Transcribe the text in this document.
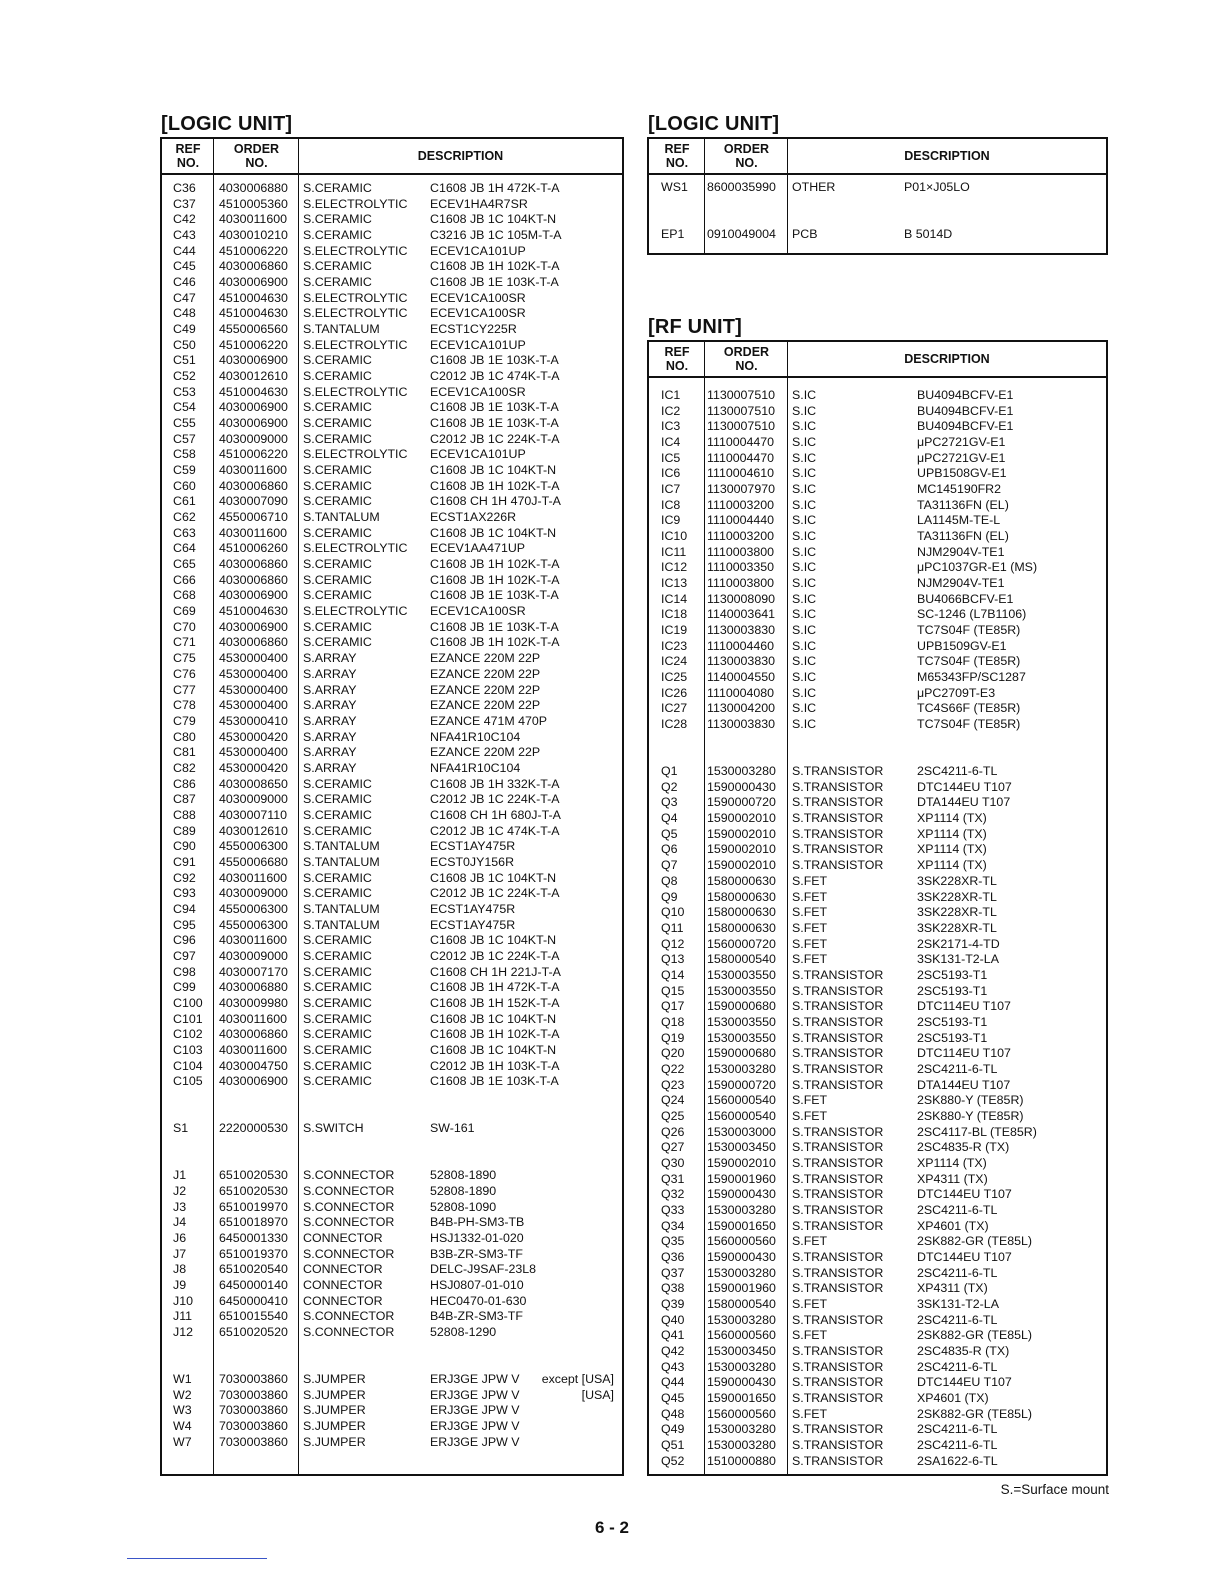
[LOGIC UNIT]
REF
NO.
ORDER
NO.	DESCRIPTION
C36 4030006880 S.CERAMIC	C1608 JB 1H 472K-T-A
C37 4510005360 S.ELECTROLYTIC ECEV1HA4R7SR
C42 4030011600 S.CERAMIC	C1608 JB 1C 104KT-N
C43 4030010210 S.CERAMIC	C3216 JB 1C 105M-T-A
C44 4510006220 S.ELECTROLYTIC ECEV1CA101UP
C45 4030006860 S.CERAMIC	C1608 JB 1H 102K-T-A
C46 4030006900 S.CERAMIC	C1608 JB 1E 103K-T-A
C47 4510004630 S.ELECTROLYTIC ECEV1CA100SR
C48 4510004630 S.ELECTROLYTIC ECEV1CA100SR
C49 4550006560 S.TANTALUM	ECST1CY225R
C50 4510006220 S.ELECTROLYTIC ECEV1CA101UP
C51 4030006900 S.CERAMIC	C1608 JB 1E 103K-T-A
C52 4030012610 S.CERAMIC	C2012 JB 1C 474K-T-A
C53 4510004630 S.ELECTROLYTIC ECEV1CA100SR
C54 4030006900 S.CERAMIC	C1608 JB 1E 103K-T-A
C55 4030006900 S.CERAMIC	C1608 JB 1E 103K-T-A
C57 4030009000 S.CERAMIC	C2012 JB 1C 224K-T-A
C58 4510006220 S.ELECTROLYTIC ECEV1CA101UP
C59 4030011600 S.CERAMIC	C1608 JB 1C 104KT-N
C60 4030006860 S.CERAMIC	C1608 JB 1H 102K-T-A
C61 4030007090 S.CERAMIC	C1608 CH 1H 470J-T-A
C62 4550006710 S.TANTALUM	ECST1AX226R
C63 4030011600 S.CERAMIC	C1608 JB 1C 104KT-N
C64 4510006260 S.ELECTROLYTIC ECEV1AA471UP
C65 4030006860 S.CERAMIC	C1608 JB 1H 102K-T-A
C66 4030006860 S.CERAMIC	C1608 JB 1H 102K-T-A
C68 4030006900 S.CERAMIC	C1608 JB 1E 103K-T-A
C69 4510004630 S.ELECTROLYTIC ECEV1CA100SR
C70 4030006900 S.CERAMIC	C1608 JB 1E 103K-T-A
C71 4030006860 S.CERAMIC	C1608 JB 1H 102K-T-A
C75 4530000400 S.ARRAY	EZANCE 220M 22P
C76 4530000400 S.ARRAY	EZANCE 220M 22P
C77 4530000400 S.ARRAY	EZANCE 220M 22P
C78 4530000400 S.ARRAY	EZANCE 220M 22P
C79 4530000410 S.ARRAY	EZANCE 471M 470P
C80 4530000420 S.ARRAY	NFA41R10C104
C81 4530000400 S.ARRAY	EZANCE 220M 22P
C82 4530000420 S.ARRAY	NFA41R10C104
C86 4030008650 S.CERAMIC	C1608 JB 1H 332K-T-A
C87 4030009000 S.CERAMIC	C2012 JB 1C 224K-T-A
C88 4030007110 S.CERAMIC	C1608 CH 1H 680J-T-A
C89 4030012610 S.CERAMIC	C2012 JB 1C 474K-T-A
C90 4550006300 S.TANTALUM	ECST1AY475R
C91 4550006680 S.TANTALUM	ECST0JY156R
C92 4030011600 S.CERAMIC	C1608 JB 1C 104KT-N
C93 4030009000 S.CERAMIC	C2012 JB 1C 224K-T-A
C94 4550006300 S.TANTALUM	ECST1AY475R
C95 4550006300 S.TANTALUM	ECST1AY475R
C96 4030011600 S.CERAMIC	C1608 JB 1C 104KT-N
C97 4030009000 S.CERAMIC	C2012 JB 1C 224K-T-A
C98 4030007170 S.CERAMIC	C1608 CH 1H 221J-T-A
C99 4030006880 S.CERAMIC	C1608 JB 1H 472K-T-A
C100 4030009980 S.CERAMIC	C1608 JB 1H 152K-T-A
C101 4030011600 S.CERAMIC	C1608 JB 1C 104KT-N
C102 4030006860 S.CERAMIC	C1608 JB 1H 102K-T-A
C103 4030011600 S.CERAMIC	C1608 JB 1C 104KT-N
C104 4030004750 S.CERAMIC	C2012 JB 1H 103K-T-A
C105 4030006900 S.CERAMIC	C1608 JB 1E 103K-T-A
S1 2220000530 S.SWITCH	SW-161
J1	6510020530 S.CONNECTOR	52808-1890
J2	6510020530 S.CONNECTOR	52808-1890
J3	6510019970 S.CONNECTOR	52808-1090
J4	6510018970 S.CONNECTOR	B4B-PH-SM3-TB
J6	6450001330 CONNECTOR	HSJ1332-01-020
J7	6510019370 S.CONNECTOR	B3B-ZR-SM3-TF
J8	6510020540 CONNECTOR	DELC-J9SAF-23L8
J9	6450000140 CONNECTOR	HSJ0807-01-010
J10 6450000410 CONNECTOR	HEC0470-01-630
J11 6510015540 S.CONNECTOR	B4B-ZR-SM3-TF
J12 6510020520 S.CONNECTOR	52808-1290
W1 7030003860 S.JUMPER	ERJ3GE JPW V except [USA]
W2 7030003860 S.JUMPER	ERJ3GE JPW V	[USA]
W3 7030003860 S.JUMPER	ERJ3GE JPW V
W4 7030003860 S.JUMPER	ERJ3GE JPW V
W7 7030003860 S.JUMPER	ERJ3GE JPW V
[LOGIC UNIT]
REF
NO.
ORDER
NO.	DESCRIPTION
WS1 8600035990 OTHER	P01×J05LO
EP1 0910049004 PCB	B 5014D
[RF UNIT]
REF
NO.
ORDER
NO.	DESCRIPTION
IC1 1130007510 S.IC	BU4094BCFV-E1
IC2 1130007510 S.IC	BU4094BCFV-E1
IC3 1130007510 S.IC	BU4094BCFV-E1
IC4 1110004470 S.IC	μPC2721GV-E1
IC5 1110004470 S.IC	μPC2721GV-E1
IC6 1110004610 S.IC	UPB1508GV-E1
IC7 1130007970 S.IC	MC145190FR2
IC8 1110003200 S.IC	TA31136FN (EL)
IC9 1110004440 S.IC	LA1145M-TE-L
IC10 1110003200 S.IC	TA31136FN (EL)
IC11 1110003800 S.IC	NJM2904V-TE1
IC12 1110003350 S.IC	μPC1037GR-E1 (MS)
IC13 1110003800 S.IC	NJM2904V-TE1
IC14 1130008090 S.IC	BU4066BCFV-E1
IC18 1140003641 S.IC	SC-1246 (L7B1106)
IC19 1130003830 S.IC	TC7S04F (TE85R)
IC23 1110004460 S.IC	UPB1509GV-E1
IC24 1130003830 S.IC	TC7S04F (TE85R)
IC25 1140004550 S.IC	M65343FP/SC1287
IC26 1110004080 S.IC	μPC2709T-E3
IC27 1130004200 S.IC	TC4S66F (TE85R)
IC28 1130003830 S.IC	TC7S04F (TE85R)
Q1 1530003280 S.TRANSISTOR	2SC4211-6-TL
Q2 1590000430 S.TRANSISTOR	DTC144EU T107
Q3 1590000720 S.TRANSISTOR	DTA144EU T107
Q4 1590002010 S.TRANSISTOR	XP1114 (TX)
Q5 1590002010 S.TRANSISTOR	XP1114 (TX)
Q6 1590002010 S.TRANSISTOR	XP1114 (TX)
Q7 1590002010 S.TRANSISTOR	XP1114 (TX)
Q8 1580000630 S.FET	3SK228XR-TL
Q9 1580000630 S.FET	3SK228XR-TL
Q10 1580000630 S.FET	3SK228XR-TL
Q11 1580000630 S.FET	3SK228XR-TL
Q12 1560000720 S.FET	2SK2171-4-TD
Q13 1580000540 S.FET	3SK131-T2-LA
Q14 1530003550 S.TRANSISTOR	2SC5193-T1
Q15 1530003550 S.TRANSISTOR	2SC5193-T1
Q17 1590000680 S.TRANSISTOR	DTC114EU T107
Q18 1530003550 S.TRANSISTOR	2SC5193-T1
Q19 1530003550 S.TRANSISTOR	2SC5193-T1
Q20 1590000680 S.TRANSISTOR	DTC114EU T107
Q22 1530003280 S.TRANSISTOR	2SC4211-6-TL
Q23 1590000720 S.TRANSISTOR	DTA144EU T107
Q24 1560000540 S.FET	2SK880-Y (TE85R)
Q25 1560000540 S.FET	2SK880-Y (TE85R)
Q26 1530003000 S.TRANSISTOR	2SC4117-BL (TE85R)
Q27 1530003450 S.TRANSISTOR	2SC4835-R (TX)
Q30 1590002010 S.TRANSISTOR	XP1114 (TX)
Q31 1590001960 S.TRANSISTOR	XP4311 (TX)
Q32 1590000430 S.TRANSISTOR	DTC144EU T107
Q33 1530003280 S.TRANSISTOR	2SC4211-6-TL
Q34 1590001650 S.TRANSISTOR	XP4601 (TX)
Q35 1560000560 S.FET	2SK882-GR (TE85L)
Q36 1590000430 S.TRANSISTOR	DTC144EU T107
Q37 1530003280 S.TRANSISTOR	2SC4211-6-TL
Q38 1590001960 S.TRANSISTOR	XP4311 (TX)
Q39 1580000540 S.FET	3SK131-T2-LA
Q40 1530003280 S.TRANSISTOR	2SC4211-6-TL
Q41 1560000560 S.FET	2SK882-GR (TE85L)
Q42 1530003450 S.TRANSISTOR	2SC4835-R (TX)
Q43 1530003280 S.TRANSISTOR	2SC4211-6-TL
Q44 1590000430 S.TRANSISTOR	DTC144EU T107
Q45 1590001650 S.TRANSISTOR	XP4601 (TX)
Q48 1560000560 S.FET	2SK882-GR (TE85L)
Q49 1530003280 S.TRANSISTOR	2SC4211-6-TL
Q51 1530003280 S.TRANSISTOR	2SC4211-6-TL
Q52 1510000880 S.TRANSISTOR	2SA1622-6-TL
S.=Surface mount
6 - 2
